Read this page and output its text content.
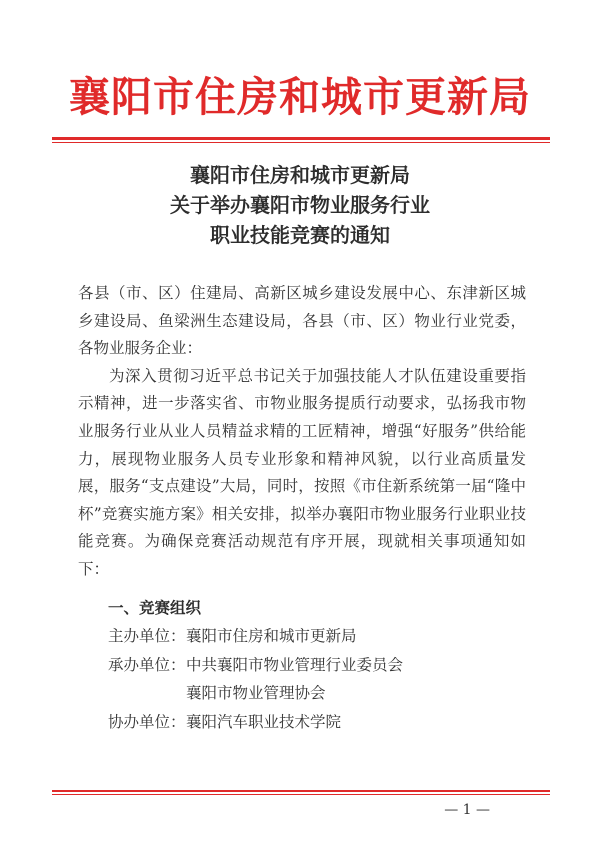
襄阳市住房和城市更新局
襄阳市住房和城市更新局
关于举办襄阳市物业服务行业
职业技能竞赛的通知

各县（市、区）住建局、高新区城乡建设发展中心、东津新区城乡建设局、鱼梁洲生态建设局，各县（市、区）物业行业党委，各物业服务企业：

为深入贯彻习近平总书记关于加强技能人才队伍建设重要指示精神，进一步落实省、市物业服务提质行动要求，弘扬我市物业服务行业从业人员精益求精的工匠精神，增强“好服务”供给能力，展现物业服务人员专业形象和精神风貌，以行业高质量发展，服务“支点建设”大局，同时，按照《市住新系统第一届“隆中杯”竞赛实施方案》相关安排，拟举办襄阳市物业服务行业职业技能竞赛。为确保竞赛活动规范有序开展，现就相关事项通知如下：

一、竞赛组织
主办单位：襄阳市住房和城市更新局
承办单位：中共襄阳市物业管理行业委员会
襄阳市物业管理协会
协办单位：襄阳汽车职业技术学院
— 1 —
